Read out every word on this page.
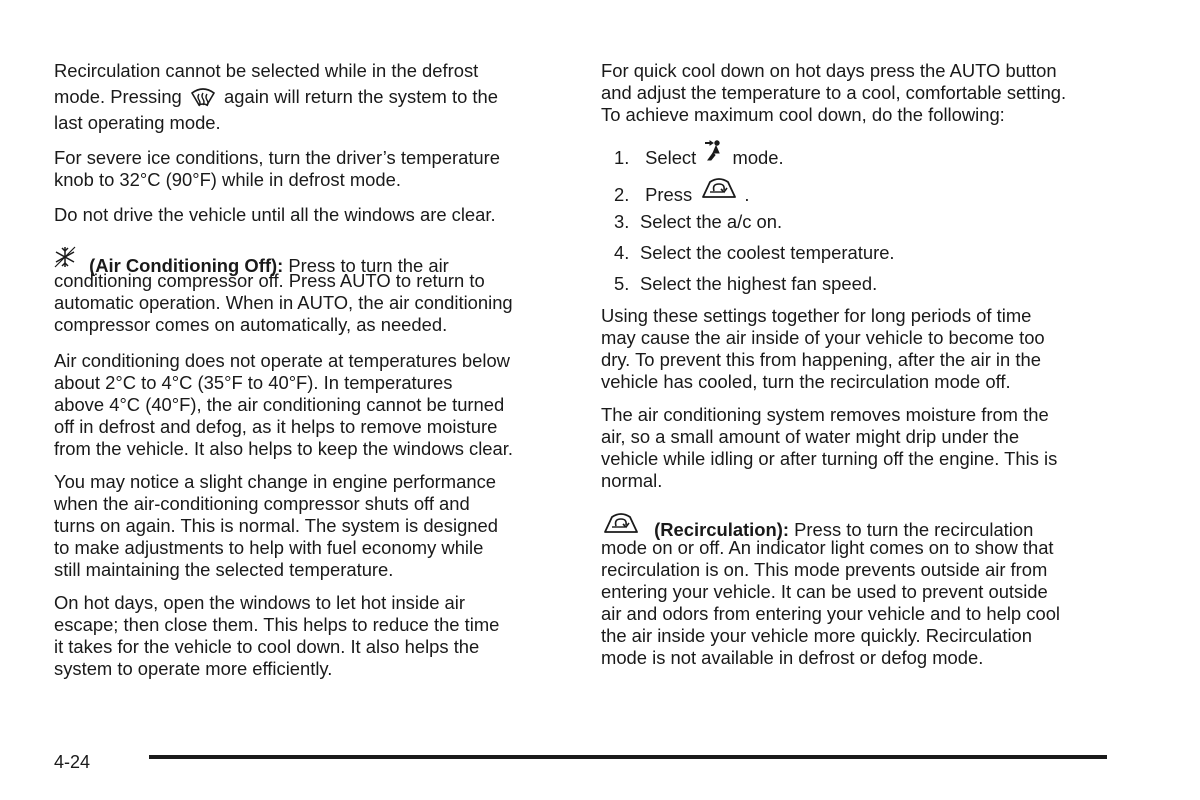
Recirculation cannot be selected while in the defrost
mode. Pressing again will return the system to the
last operating mode.
For severe ice conditions, turn the driver’s temperature
knob to 32°C (90°F) while in defrost mode.
Do not drive the vehicle until all the windows are clear.
(Air Conditioning Off): Press to turn the air
conditioning compressor off. Press AUTO to return to
automatic operation. When in AUTO, the air conditioning
compressor comes on automatically, as needed.
Air conditioning does not operate at temperatures below
about 2°C to 4°C (35°F to 40°F). In temperatures
above 4°C (40°F), the air conditioning cannot be turned
off in defrost and defog, as it helps to remove moisture
from the vehicle. It also helps to keep the windows clear.
You may notice a slight change in engine performance
when the air-conditioning compressor shuts off and
turns on again. This is normal. The system is designed
to make adjustments to help with fuel economy while
still maintaining the selected temperature.
On hot days, open the windows to let hot inside air
escape; then close them. This helps to reduce the time
it takes for the vehicle to cool down. It also helps the
system to operate more efficiently.
For quick cool down on hot days press the AUTO button
and adjust the temperature to a cool, comfortable setting.
To achieve maximum cool down, do the following:
1. Select mode.
2. Press	.
3. Select the a/c on.
4. Select the coolest temperature.
5. Select the highest fan speed.
Using these settings together for long periods of time
may cause the air inside of your vehicle to become too
dry. To prevent this from happening, after the air in the
vehicle has cooled, turn the recirculation mode off.
The air conditioning system removes moisture from the
air, so a small amount of water might drip under the
vehicle while idling or after turning off the engine. This is
normal.
(Recirculation): Press to turn the recirculation
mode on or off. An indicator light comes on to show that
recirculation is on. This mode prevents outside air from
entering your vehicle. It can be used to prevent outside
air and odors from entering your vehicle and to help cool
the air inside your vehicle more quickly. Recirculation
mode is not available in defrost or defog mode.
4-24
